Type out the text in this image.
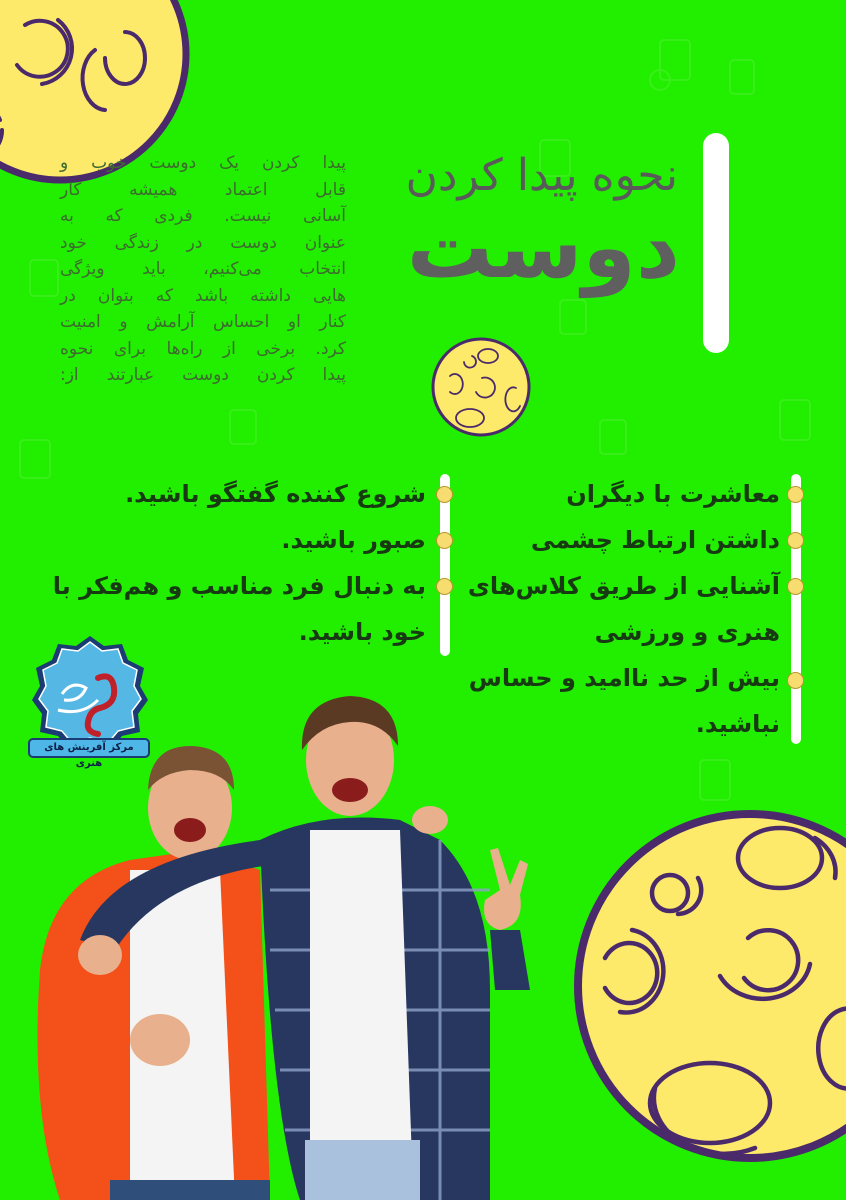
نحوه پیدا کردن
دوست
پیدا کردن یک دوست خوب و
قابل اعتماد همیشه کار
آسانی نیست. فردی که به
عنوان دوست در زندگی خود
انتخاب می‌کنیم، باید ویژگی
هایی داشته باشد که بتوان در
کنار او احساس آرامش و امنیت
کرد. برخی از راه‌ها برای نحوه
پیدا کردن دوست عبارتند از:
معاشرت با دیگران
داشتن ارتباط چشمی
آشنایی از طریق کلاس‌های
هنری و ورزشی
بیش از حد ناامید و حساس
نباشید.
شروع کننده گفتگو باشید.
صبور باشید.
به دنبال فرد مناسب و هم‌فکر با
خود باشید.
مرکز آفرینش های هنری
